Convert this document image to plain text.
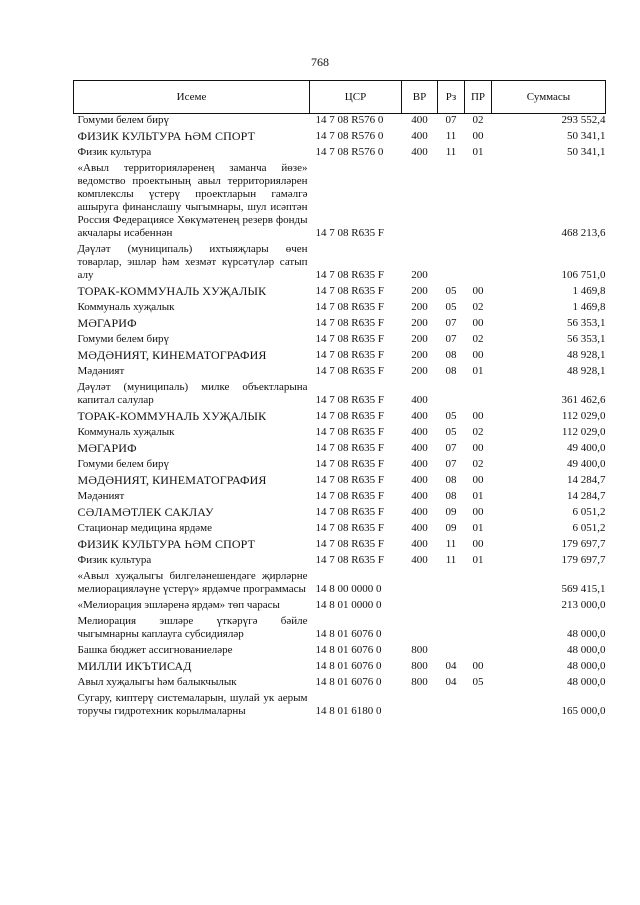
768
Исеме	ЦСР	ВР	Рз	ПР	Суммасы
Гомуми белем бирү	14 7 08 R576 0	400	07	02	293 552,4
ФИЗИК КУЛЬТУРА ҺӘМ СПОРТ	14 7 08 R576 0	400	11	00	50 341,1
Физик культура	14 7 08 R576 0	400	11	01	50 341,1
«Авыл территорияләренең заманча йөзе» ведомство проектының авыл территорияләрен комплекслы үстерү проектларын гамәлгә ашыруга финанслашу чыгымнары, шул исәптән Россия Федерациясе Хөкүмәтенең резерв фонды акчалары исәбеннән	14 7 08 R635 F				468 213,6
Дәүләт (муниципаль) ихтыяҗлары өчен товарлар, эшләр һәм хезмәт күрсәтүләр сатып алу	14 7 08 R635 F	200			106 751,0
ТОРАК-КОММУНАЛЬ ХУҖАЛЫК	14 7 08 R635 F	200	05	00	1 469,8
Коммуналь хуҗалык	14 7 08 R635 F	200	05	02	1 469,8
МӘГАРИФ	14 7 08 R635 F	200	07	00	56 353,1
Гомуми белем бирү	14 7 08 R635 F	200	07	02	56 353,1
МӘДӘНИЯТ, КИНЕМАТОГРАФИЯ	14 7 08 R635 F	200	08	00	48 928,1
Мәдәният	14 7 08 R635 F	200	08	01	48 928,1
Дәүләт (муниципаль) милке объектларына капитал салулар	14 7 08 R635 F	400			361 462,6
ТОРАК-КОММУНАЛЬ ХУҖАЛЫК	14 7 08 R635 F	400	05	00	112 029,0
Коммуналь хуҗалык	14 7 08 R635 F	400	05	02	112 029,0
МӘГАРИФ	14 7 08 R635 F	400	07	00	49 400,0
Гомуми белем бирү	14 7 08 R635 F	400	07	02	49 400,0
МӘДӘНИЯТ, КИНЕМАТОГРАФИЯ	14 7 08 R635 F	400	08	00	14 284,7
Мәдәният	14 7 08 R635 F	400	08	01	14 284,7
СӘЛАМӘТЛЕК САКЛАУ	14 7 08 R635 F	400	09	00	6 051,2
Стационар медицина ярдәме	14 7 08 R635 F	400	09	01	6 051,2
ФИЗИК КУЛЬТУРА ҺӘМ СПОРТ	14 7 08 R635 F	400	11	00	179 697,7
Физик культура	14 7 08 R635 F	400	11	01	179 697,7
«Авыл хуҗалыгы билгеләнешендәге җирләрне мелиорацияләүне үстерү» ярдәмче программасы	14 8 00 0000 0				569 415,1
«Мелиорация эшләренә ярдәм» төп чарасы	14 8 01 0000 0				213 000,0
Мелиорация эшләре үткәрүгә бәйле чыгымнарны каплауга субсидияләр	14 8 01 6076 0				48 000,0
Башка бюджет ассигнованиеләре	14 8 01 6076 0	800			48 000,0
МИЛЛИ ИКЪТИСАД	14 8 01 6076 0	800	04	00	48 000,0
Авыл хуҗалыгы һәм балыкчылык	14 8 01 6076 0	800	04	05	48 000,0
Сугару, киптерү системаларын, шулай ук аерым торучы гидротехник корылмаларны	14 8 01 6180 0				165 000,0
